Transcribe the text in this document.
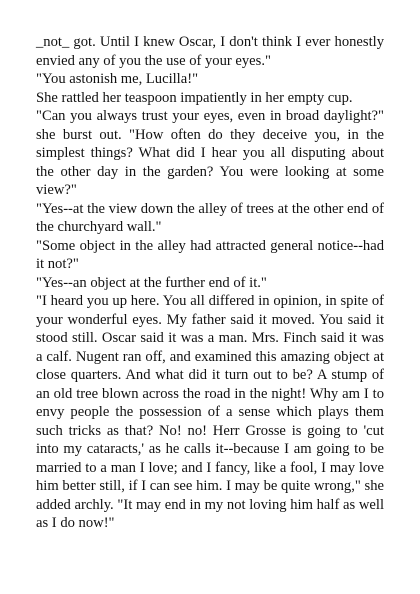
_not_ got. Until I knew Oscar, I don't think I ever honestly envied any of you the use of your eyes."

"You astonish me, Lucilla!"

She rattled her teaspoon impatiently in her empty cup.

"Can you always trust your eyes, even in broad daylight?" she burst out. "How often do they deceive you, in the simplest things? What did I hear you all disputing about the other day in the garden? You were looking at some view?"

"Yes--at the view down the alley of trees at the other end of the churchyard wall."

"Some object in the alley had attracted general notice--had it not?"

"Yes--an object at the further end of it."

"I heard you up here. You all differed in opinion, in spite of your wonderful eyes. My father said it moved. You said it stood still. Oscar said it was a man. Mrs. Finch said it was a calf. Nugent ran off, and examined this amazing object at close quarters. And what did it turn out to be? A stump of an old tree blown across the road in the night! Why am I to envy people the possession of a sense which plays them such tricks as that? No! no! Herr Grosse is going to 'cut into my cataracts,' as he calls it--because I am going to be married to a man I love; and I fancy, like a fool, I may love him better still, if I can see him. I may be quite wrong," she added archly. "It may end in my not loving him half as well as I do now!"
